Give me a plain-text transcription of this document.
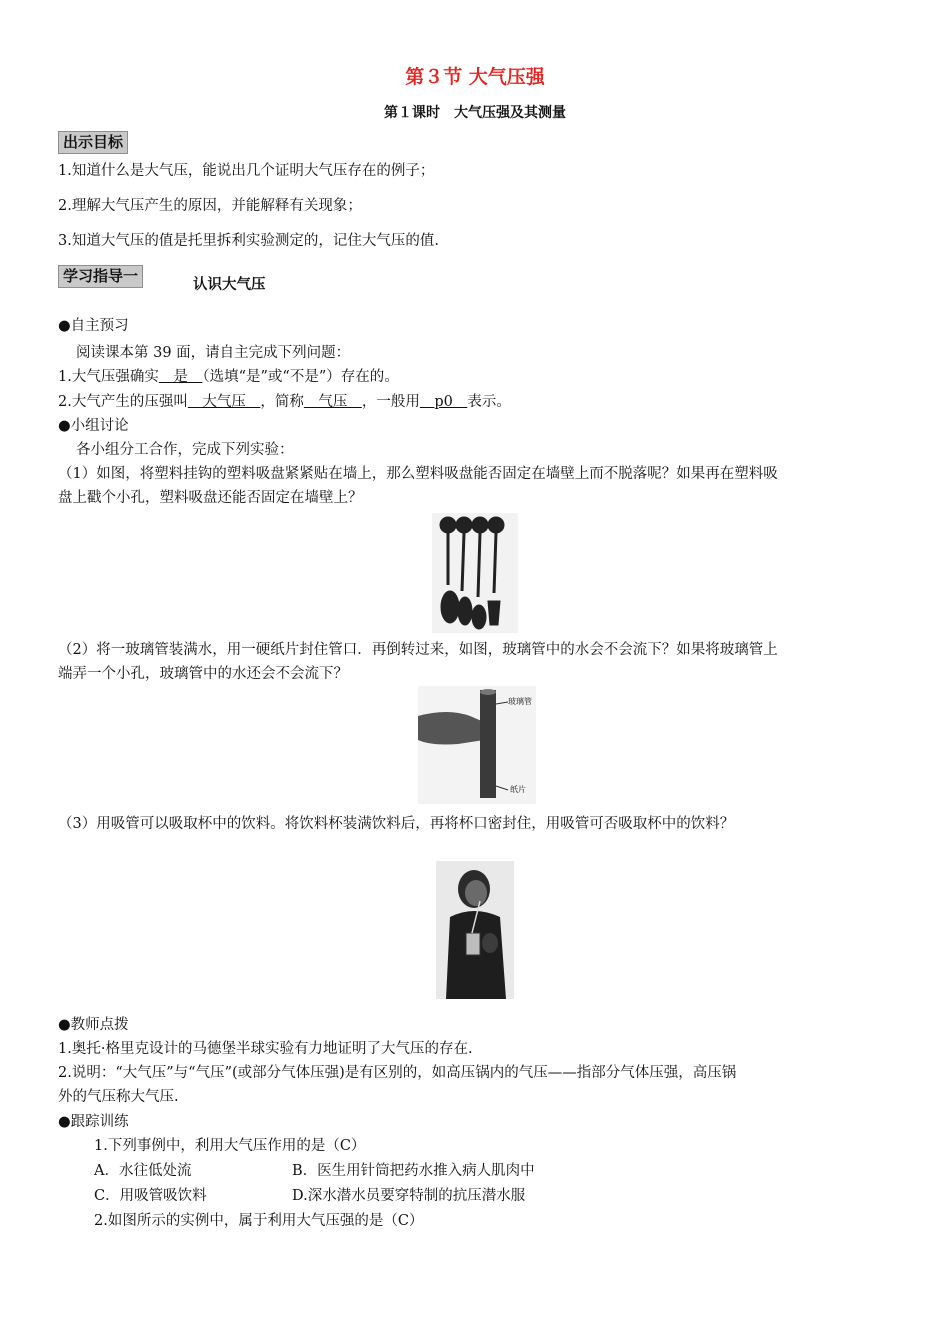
第３节 大气压强
第１课时　大气压强及其测量
出示目标
1.知道什么是大气压，能说出几个证明大气压存在的例子；
2.理解大气压产生的原因，并能解释有关现象；
3.知道大气压的值是托里拆利实验测定的，记住大气压的值.
学习指导一	认识大气压
●自主预习
阅读课本第 39 面，请自主完成下列问题：
1.大气压强确实　是　（选填“是”或“不是”）存在的。
2.大气产生的压强叫　大气压　，简称　气压　，一般用　p0　表示。
●小组讨论
各小组分工合作，完成下列实验：
（1）如图，将塑料挂钩的塑料吸盘紧紧贴在墙上，那么塑料吸盘能否固定在墙壁上而不脱落呢？如果再在塑料吸
盘上戳个小孔，塑料吸盘还能否固定在墙壁上？
（2）将一玻璃管装满水，用一硬纸片封住管口．再倒转过来，如图，玻璃管中的水会不会流下？如果将玻璃管上
端弄一个小孔，玻璃管中的水还会不会流下？
玻璃管
纸片
（3）用吸管可以吸取杯中的饮料。将饮料杯装满饮料后，再将杯口密封住，用吸管可否吸取杯中的饮料？
●教师点拨
1.奥托·格里克设计的马德堡半球实验有力地证明了大气压的存在.
2.说明：“大气压”与“气压”(或部分气体压强)是有区别的，如高压锅内的气压——指部分气体压强，高压锅
外的气压称大气压.
●跟踪训练
1.下列事例中，利用大气压作用的是（C）
A．水往低处流	B．医生用针筒把药水推入病人肌肉中
C．用吸管吸饮料	D.深水潜水员要穿特制的抗压潜水服
2.如图所示的实例中，属于利用大气压强的是（C）
